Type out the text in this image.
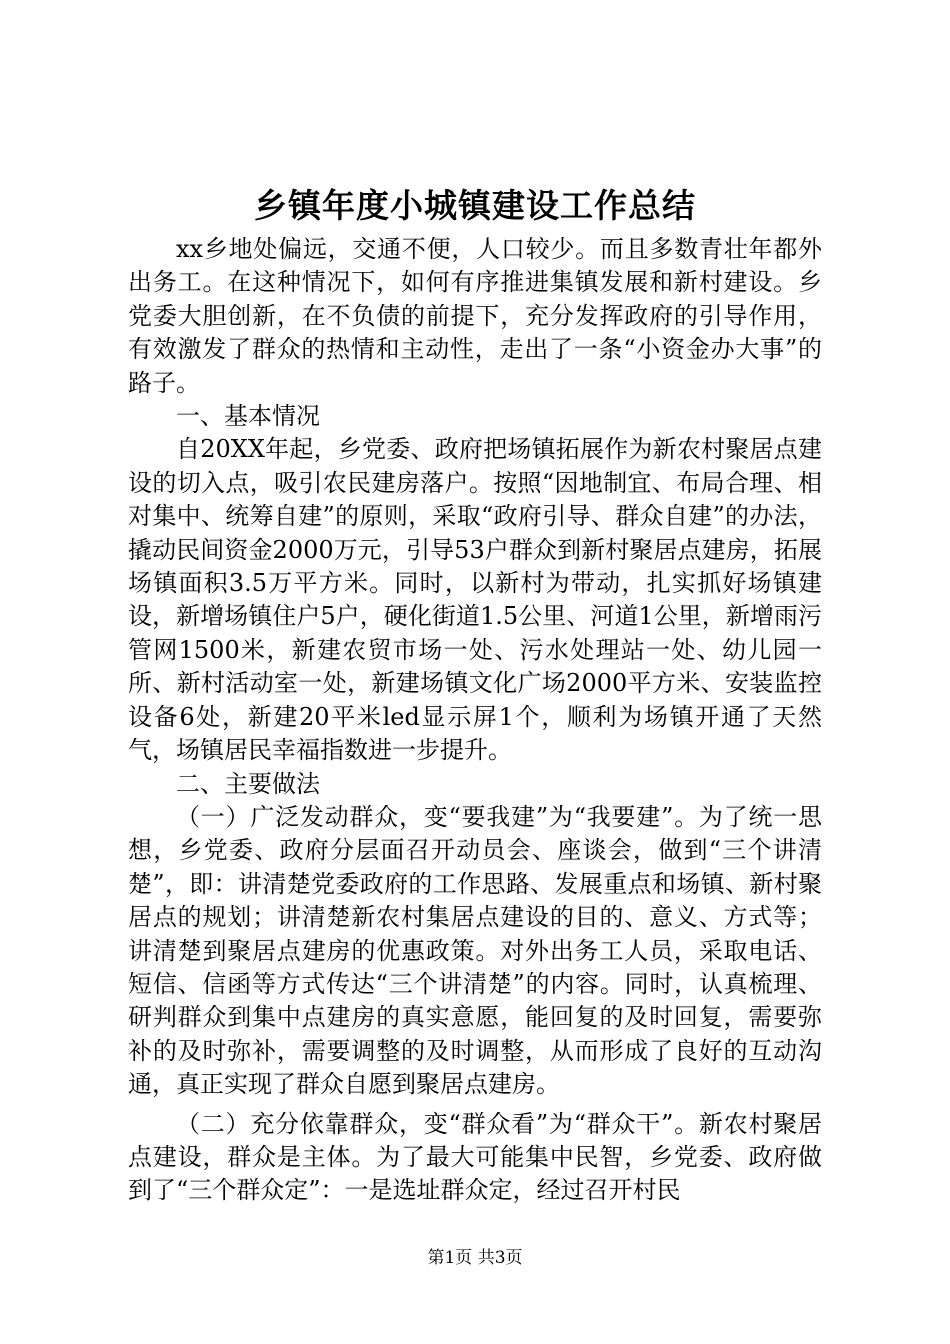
乡镇年度小城镇建设工作总结

xx乡地处偏远，交通不便，人口较少。而且多数青壮年都外出务工。在这种情况下，如何有序推进集镇发展和新村建设。乡党委大胆创新，在不负债的前提下，充分发挥政府的引导作用，有效激发了群众的热情和主动性，走出了一条“小资金办大事”的路子。

一、基本情况

自20XX年起，乡党委、政府把场镇拓展作为新农村聚居点建设的切入点，吸引农民建房落户。按照“因地制宜、布局合理、相对集中、统筹自建”的原则，采取“政府引导、群众自建”的办法，撬动民间资金2000万元，引导53户群众到新村聚居点建房，拓展场镇面积3.5万平方米。同时，以新村为带动，扎实抓好场镇建设，新增场镇住户5户，硬化街道1.5公里、河道1公里，新增雨污管网1500米，新建农贸市场一处、污水处理站一处、幼儿园一所、新村活动室一处，新建场镇文化广场2000平方米、安装监控设备6处，新建20平米led显示屏1个，顺利为场镇开通了天然气，场镇居民幸福指数进一步提升。

二、主要做法

（一）广泛发动群众，变“要我建”为“我要建”。为了统一思想，乡党委、政府分层面召开动员会、座谈会，做到“三个讲清楚”，即：讲清楚党委政府的工作思路、发展重点和场镇、新村聚居点的规划；讲清楚新农村集居点建设的目的、意义、方式等；讲清楚到聚居点建房的优惠政策。对外出务工人员，采取电话、短信、信函等方式传达“三个讲清楚”的内容。同时，认真梳理、研判群众到集中点建房的真实意愿，能回复的及时回复，需要弥补的及时弥补，需要调整的及时调整，从而形成了良好的互动沟通，真正实现了群众自愿到聚居点建房。

（二）充分依靠群众，变“群众看”为“群众干”。新农村聚居点建设，群众是主体。为了最大可能集中民智，乡党委、政府做到了“三个群众定”：一是选址群众定，经过召开村民

第1页 共3页
